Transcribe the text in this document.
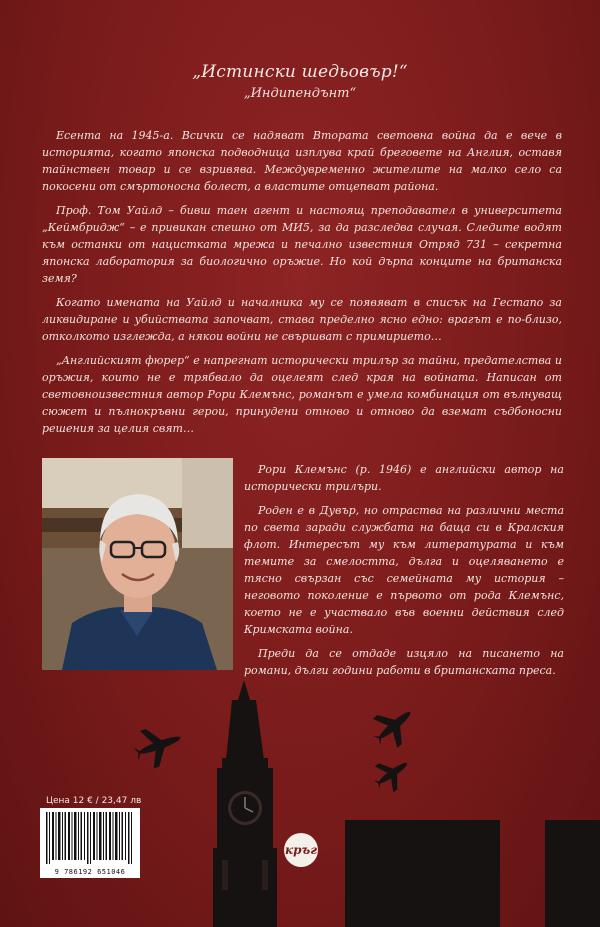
„Истински шедьовър!“
„Индипендънт“

Есента на 1945-а. Всички се надяват Втората световна война да е вече в историята, когато японска подводница изплува край бреговете на Англия, оставя тайнствен товар и се взривява. Междувременно жителите на малко село са покосени от смъртоносна болест, а властите отцепват района.

Проф. Том Уайлд – бивш таен агент и настоящ преподавател в университета „Кеймбридж“ – е привикан спешно от МИ5, за да разследва случая. Следите водят към останки от нацистката мрежа и печално известния Отряд 731 – секретна японска лаборатория за биологично оръжие. Но кой дърпа конците на британска земя?

Когато имената на Уайлд и началника му се появяват в списък на Гестапо за ликвидиране и убийствата започват, става пределно ясно едно: врагът е по-близо, отколкото изглежда, а някои войни не свършват с примирието…

„Английският фюрер“ е напрегнат исторически трилър за тайни, предателства и оръжия, които не е трябвало да оцелеят след края на войната. Написан от световноизвестния автор Рори Клемънс, романът е умела комбинация от вълнуващ сюжет и пълнокръвни герои, принудени отново и отново да вземат съдбоносни решения за целия свят…

Рори Клемънс (р. 1946) е английски автор на исторически трилъри.

Роден е в Дувър, но отраства на различни места по света заради службата на баща си в Кралския флот. Интересът му към литературата и към темите за смелостта, дълга и оцеляването е тясно свързан със семейната му история – неговото поколение е първото от рода Клемънс, което не е участвало във военни действия след Кримската война.

Преди да се отдаде изцяло на писането на романи, дълги години работи в британската преса.

Цена 12 € / 23,47 лв
9 786192 651046
кръг
